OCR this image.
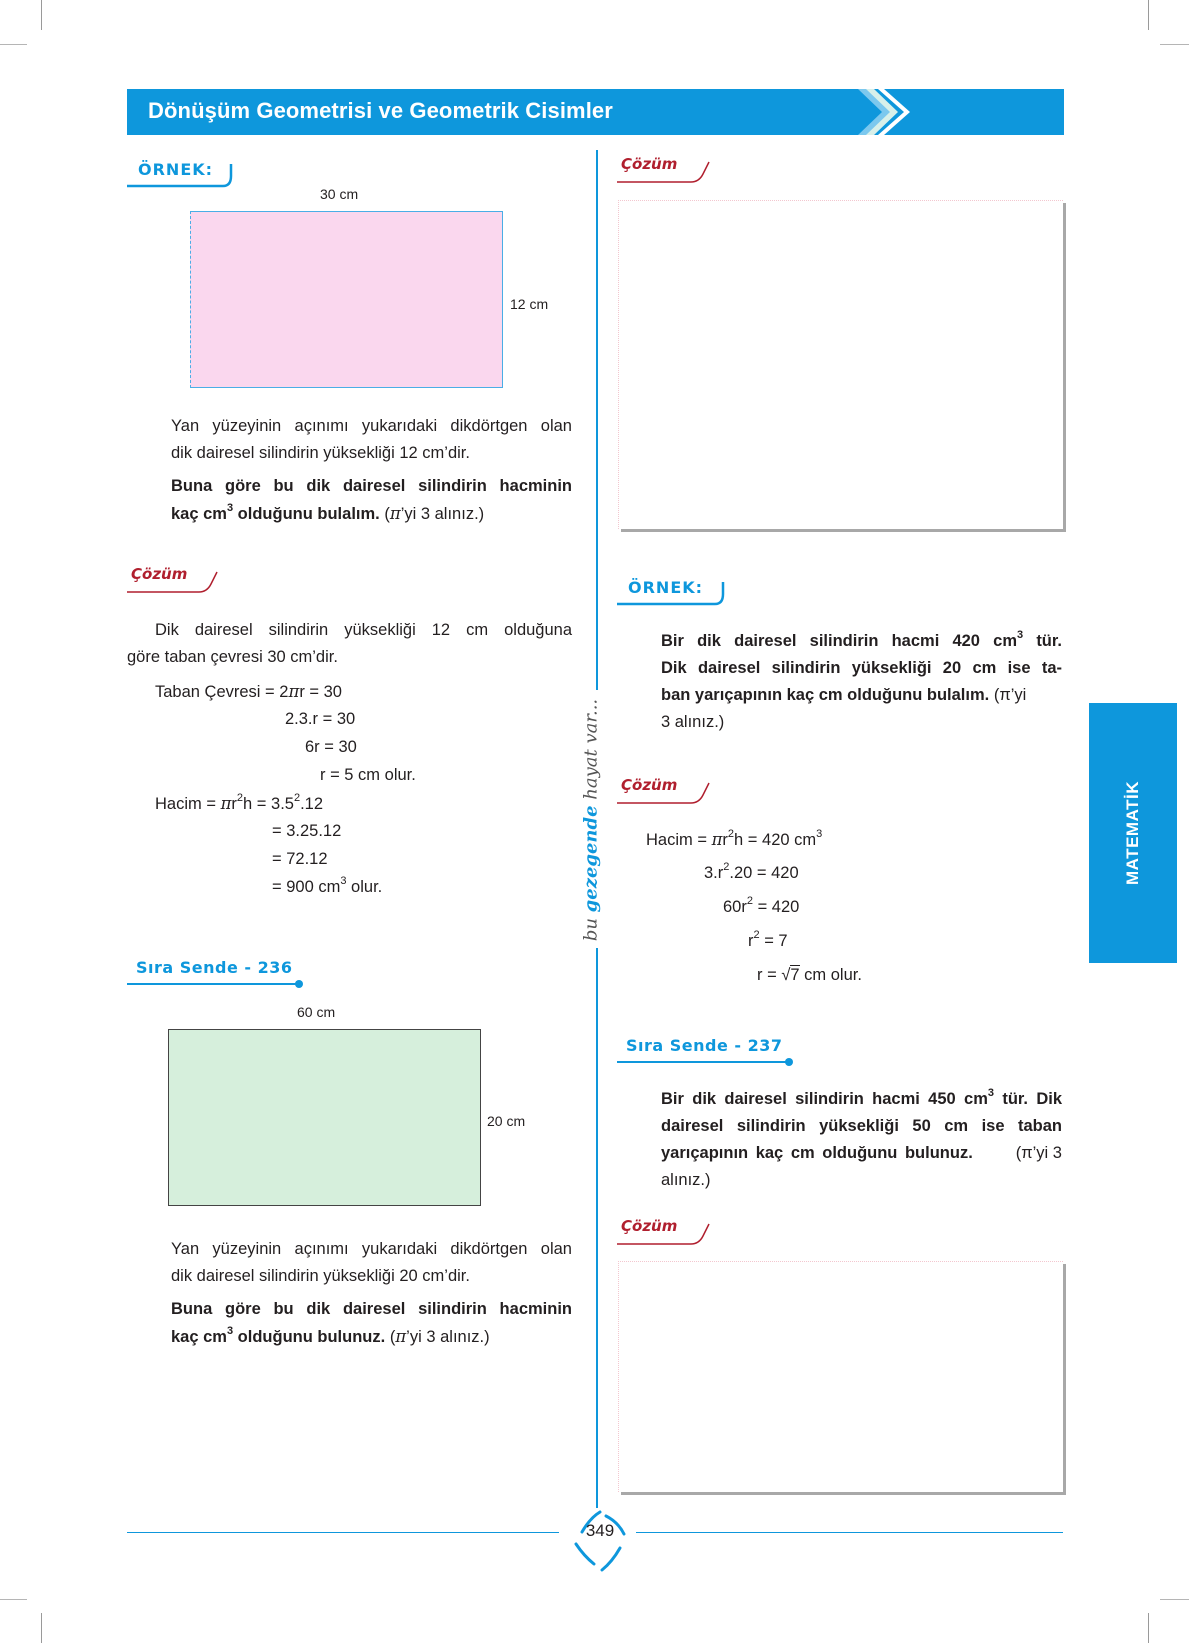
Dönüşüm Geometrisi ve Geometrik Cisimler
bu gezegende hayat var...
MATEMATİK
ÖRNEK:
30 cm
12 cm
Yan yüzeyinin açınımı yukarıdaki dikdörtgen olan
dik dairesel silindirin yüksekliği 12 cm’dir.
Buna göre bu dik dairesel silindirin hacminin
kaç $cm^3$ olduğunu bulalım. (π’yi 3 alınız.)
Çözüm
Dik dairesel silindirin yüksekliği 12 cm olduğuna
göre taban çevresi 30 cm’dir.
Taban Çevresi = 2πr = 30
2.3.r = 30
6r = 30
r = 5 cm olur.
Hacim = $\pi r^2h = 3.5^2.12$
= 3.25.12
= 72.12
= 900 $cm^3$ olur.
Sıra Sende - 236
60 cm
20 cm
Yan yüzeyinin açınımı yukarıdaki dikdörtgen olan
dik dairesel silindirin yüksekliği 20 cm’dir.
Buna göre bu dik dairesel silindirin hacminin
kaç $cm^3$ olduğunu bulunuz. (π’yi 3 alınız.)
Çözüm
ÖRNEK:
Bir dik dairesel silindirin hacmi 420 $cm^3$ tür.
Dik dairesel silindirin yüksekliği 20 cm ise ta-
ban yarıçapının kaç cm olduğunu bulalım. (π’yi
3 alınız.)
Çözüm
Hacim = $\pi r^2h = 420$ $cm^3$
$3.r^2.20 = 420$
$60r^2 = 420$
$r^2 = 7$
r = √7 cm olur.
Sıra Sende - 237
Bir dik dairesel silindirin hacmi 450 $cm^3$ tür. Dik
dairesel silindirin yüksekliği 50 cm ise taban
yarıçapının kaç cm olduğunu bulunuz.	(π’yi 3
alınız.)
Çözüm
349
